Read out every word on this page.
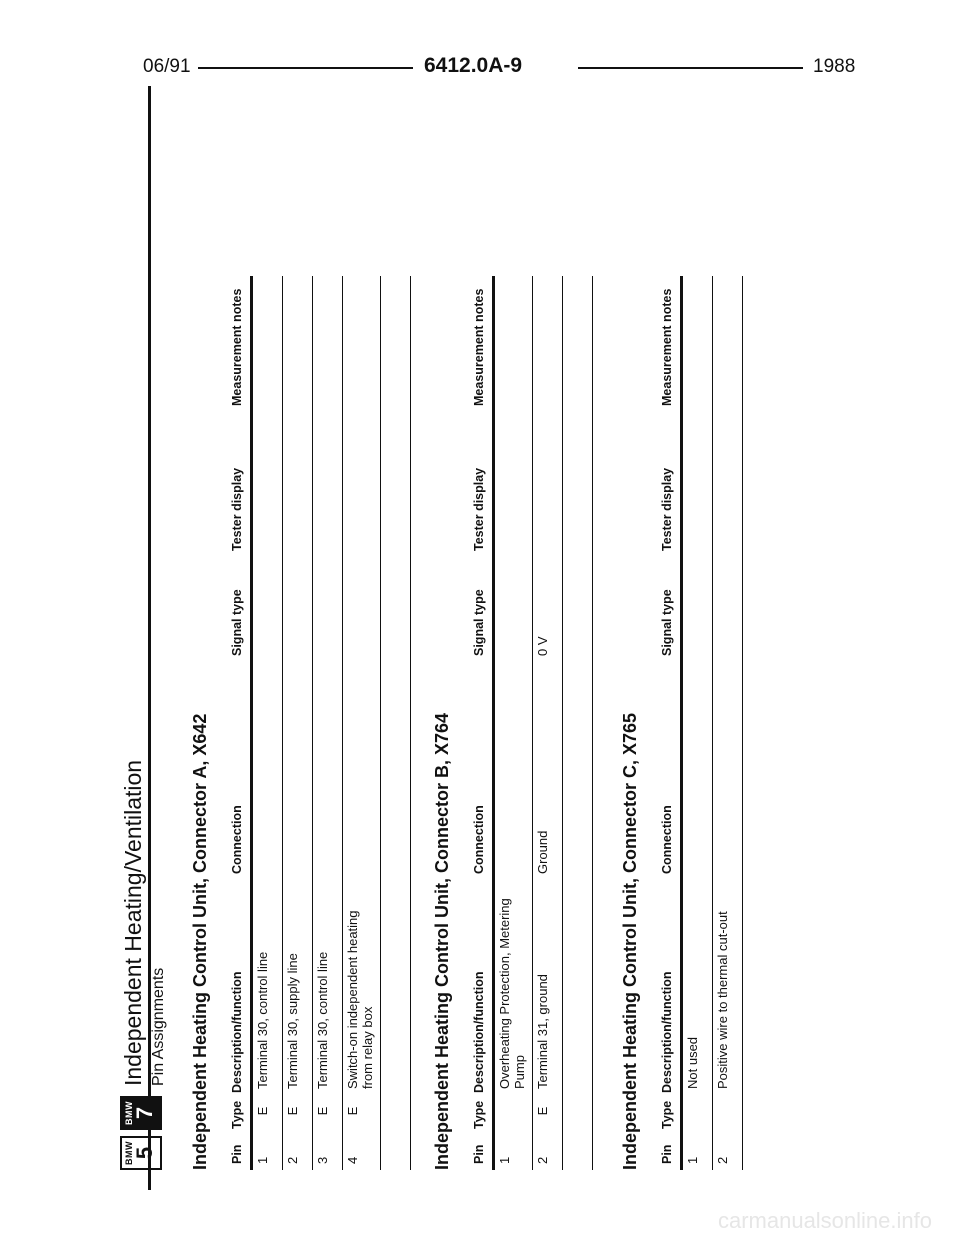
06/91	6412.0A-9	1988
BMW
5
BMW
7
Independent Heating/Ventilation Pin Assignments Independent Heating Control Unit, Connector A, X642 Pin	Type	Description/function	Connection	Signal type	Tester display	Measurement notes
1	E	Terminal 30, control line				
2	E	Terminal 30, supply line				
3	E	Terminal 30, control line				
4	E	Switch-on independent heating
from relay box				
							Independent Heating Control Unit, Connector B, X764 Pin	Type	Description/function	Connection	Signal type	Tester display	Measurement notes
1		Overheating Protection, Metering
Pump				
2	E	Terminal 31, ground	Ground	0 V		

Independent Heating Control Unit, Connector C, X765 Pin	Type	Description/function	Connection	Signal type	Tester display	Measurement notes
1		Not used				
2		Positive wire to thermal cut-out				
carmanualsonline.info
